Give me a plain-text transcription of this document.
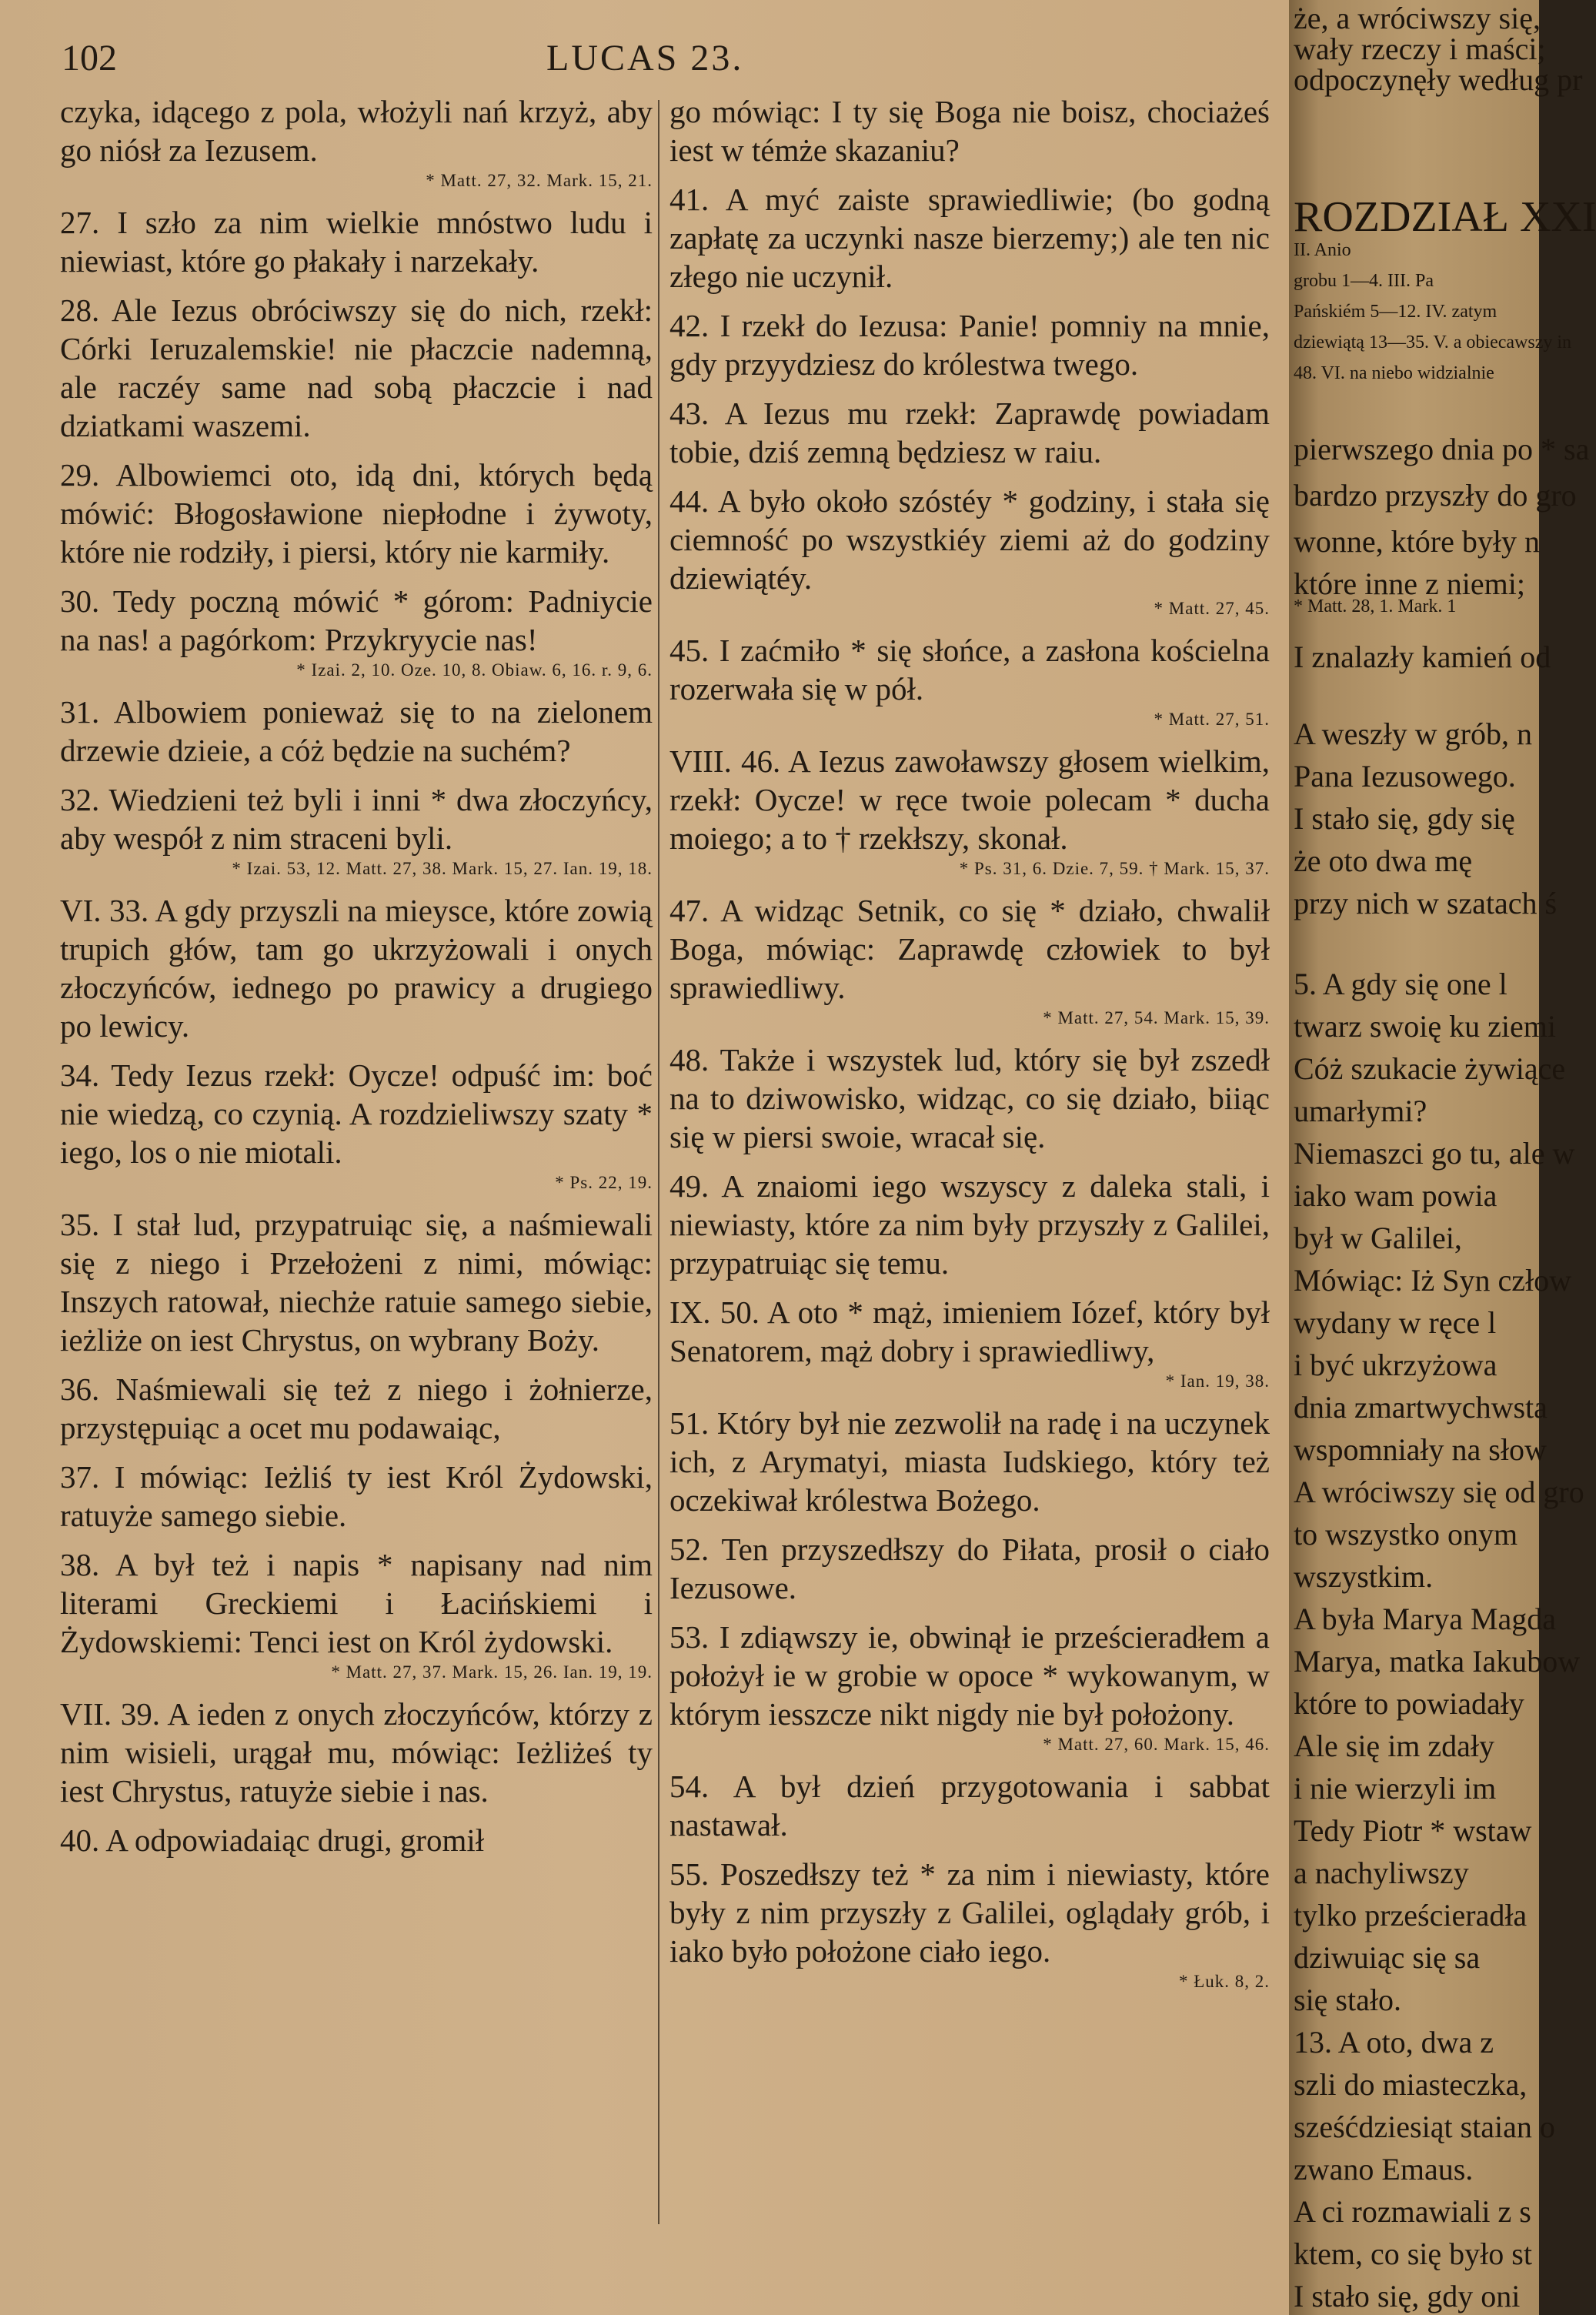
102	LUCAS 23.

czyka, idącego z pola, włożyli nań krzyż, aby go niósł za Iezusem.

* Matt. 27, 32. Mark. 15, 21.

27. I szło za nim wielkie mnóstwo ludu i niewiast, które go płakały i narzekały.

28. Ale Iezus obróciwszy się do nich, rzekł: Córki Ieruzalemskie! nie płaczcie nademną, ale raczéy same nad sobą płaczcie i nad dziatkami waszemi.

29. Albowiemci oto, idą dni, których będą mówić: Błogosławione niepłodne i żywoty, które nie rodziły, i piersi, który nie karmiły.

30. Tedy poczną mówić * górom: Padniycie na nas! a pagórkom: Przykryycie nas!

* Izai. 2, 10. Oze. 10, 8. Obiaw. 6, 16. r. 9, 6.

31. Albowiem ponieważ się to na zielonem drzewie dzieie, a cóż będzie na suchém?

32. Wiedzieni też byli i inni * dwa złoczyńcy, aby wespół z nim straceni byli.

* Izai. 53, 12. Matt. 27, 38. Mark. 15, 27. Ian. 19, 18.

VI. 33. A gdy przyszli na mieysce, które zowią trupich głów, tam go ukrzyżowali i onych złoczyńców, iednego po prawicy a drugiego po lewicy.

34. Tedy Iezus rzekł: Oycze! odpuść im: boć nie wiedzą, co czynią. A rozdzieliwszy szaty * iego, los o nie miotali.

* Ps. 22, 19.

35. I stał lud, przypatruiąc się, a naśmiewali się z niego i Przełożeni z nimi, mówiąc: Inszych ratował, niechże ratuie samego siebie, ieżliże on iest Chrystus, on wybrany Boży.

36. Naśmiewali się też z niego i żołnierze, przystępuiąc a ocet mu podawaiąc,

37. I mówiąc: Ieżliś ty iest Król Żydowski, ratuyże samego siebie.

38. A był też i napis * napisany nad nim literami Greckiemi i Łacińskiemi i Żydowskiemi: Tenci iest on Król żydowski.

* Matt. 27, 37. Mark. 15, 26. Ian. 19, 19.

VII. 39. A ieden z onych złoczyńców, którzy z nim wisieli, urągał mu, mówiąc: Ieżliżeś ty iest Chrystus, ratuyże siebie i nas.

40. A odpowiadaiąc drugi, gromił

go mówiąc: I ty się Boga nie boisz, chociażeś iest w témże skazaniu?

41. A myć zaiste sprawiedliwie; (bo godną zapłatę za uczynki nasze bierzemy;) ale ten nic złego nie uczynił.

42. I rzekł do Iezusa: Panie! pomniy na mnie, gdy przyydziesz do królestwa twego.

43. A Iezus mu rzekł: Zaprawdę powiadam tobie, dziś zemną będziesz w raiu.

44. A było około szóstéy * godziny, i stała się ciemność po wszystkiéy ziemi aż do godziny dziewiątéy.

* Matt. 27, 45.

45. I zaćmiło * się słońce, a zasłona kościelna rozerwała się w pół.

* Matt. 27, 51.

VIII. 46. A Iezus zawoławszy głosem wielkim, rzekł: Oycze! w ręce twoie polecam * ducha moiego; a to † rzekłszy, skonał.

* Ps. 31, 6. Dzie. 7, 59. † Mark. 15, 37.

47. A widząc Setnik, co się * działo, chwalił Boga, mówiąc: Zaprawdę człowiek to był sprawiedliwy.

* Matt. 27, 54. Mark. 15, 39.

48. Także i wszystek lud, który się był zszedł na to dziwowisko, widząc, co się działo, biiąc się w piersi swoie, wracał się.

49. A znaiomi iego wszyscy z daleka stali, i niewiasty, które za nim były przyszły z Galilei, przypatruiąc się temu.

IX. 50. A oto * mąż, imieniem Iózef, który był Senatorem, mąż dobry i sprawiedliwy,

* Ian. 19, 38.

51. Który był nie zezwolił na radę i na uczynek ich, z Arymatyi, miasta Iudskiego, który też oczekiwał królestwa Bożego.

52. Ten przyszedłszy do Piłata, prosił o ciało Iezusowe.

53. I zdiąwszy ie, obwinął ie prześcieradłem a położył ie w grobie w opoce * wykowanym, w którym iesszcze nikt nigdy nie był położony.

* Matt. 27, 60. Mark. 15, 46.

54. A był dzień przygotowania i sabbat nastawał.

55. Poszedłszy też * za nim i niewiasty, które były z nim przyszły z Galilei, oglądały grób, i iako było położone ciało iego.

* Łuk. 8, 2.

że, a wróciwszy się,
wały rzeczy i maści;
odpoczynęły według pr
ROZDZIAŁ XXI
II. Anio
grobu 1—4. III. Pa
Pańskiém 5—12. IV. zatym
dziewiątą 13—35. V. a obiecawszy in
48. VI. na niebo widzialnie
pierwszego dnia po * sa
bardzo przyszły do gro
wonne, które były n
które inne z niemi;
* Matt. 28, 1. Mark. 1
I znalazły kamień od
A weszły w grób, n
Pana Iezusowego.
I stało się, gdy się
że oto dwa mę
przy nich w szatach ś
5. A gdy się one l
twarz swoię ku ziemi
Cóż szukacie żywiące
umarłymi?
Niemaszci go tu, ale w
iako wam powia
był w Galilei,
Mówiąc: Iż Syn człow
wydany w ręce l
i być ukrzyżowa
dnia zmartwychwsta
wspomniały na słow
A wróciwszy się od gro
to wszystko onym
wszystkim.
A była Marya Magda
Marya, matka Iakubow
które to powiadały
Ale się im zdały
i nie wierzyli im
Tedy Piotr * wstaw
a nachyliwszy
tylko prześcieradła
dziwuiąc się sa
się stało.
13. A oto, dwa z
szli do miasteczka,
sześćdziesiąt staian o
zwano Emaus.
A ci rozmawiali z s
ktem, co się było st
I stało się, gdy oni
